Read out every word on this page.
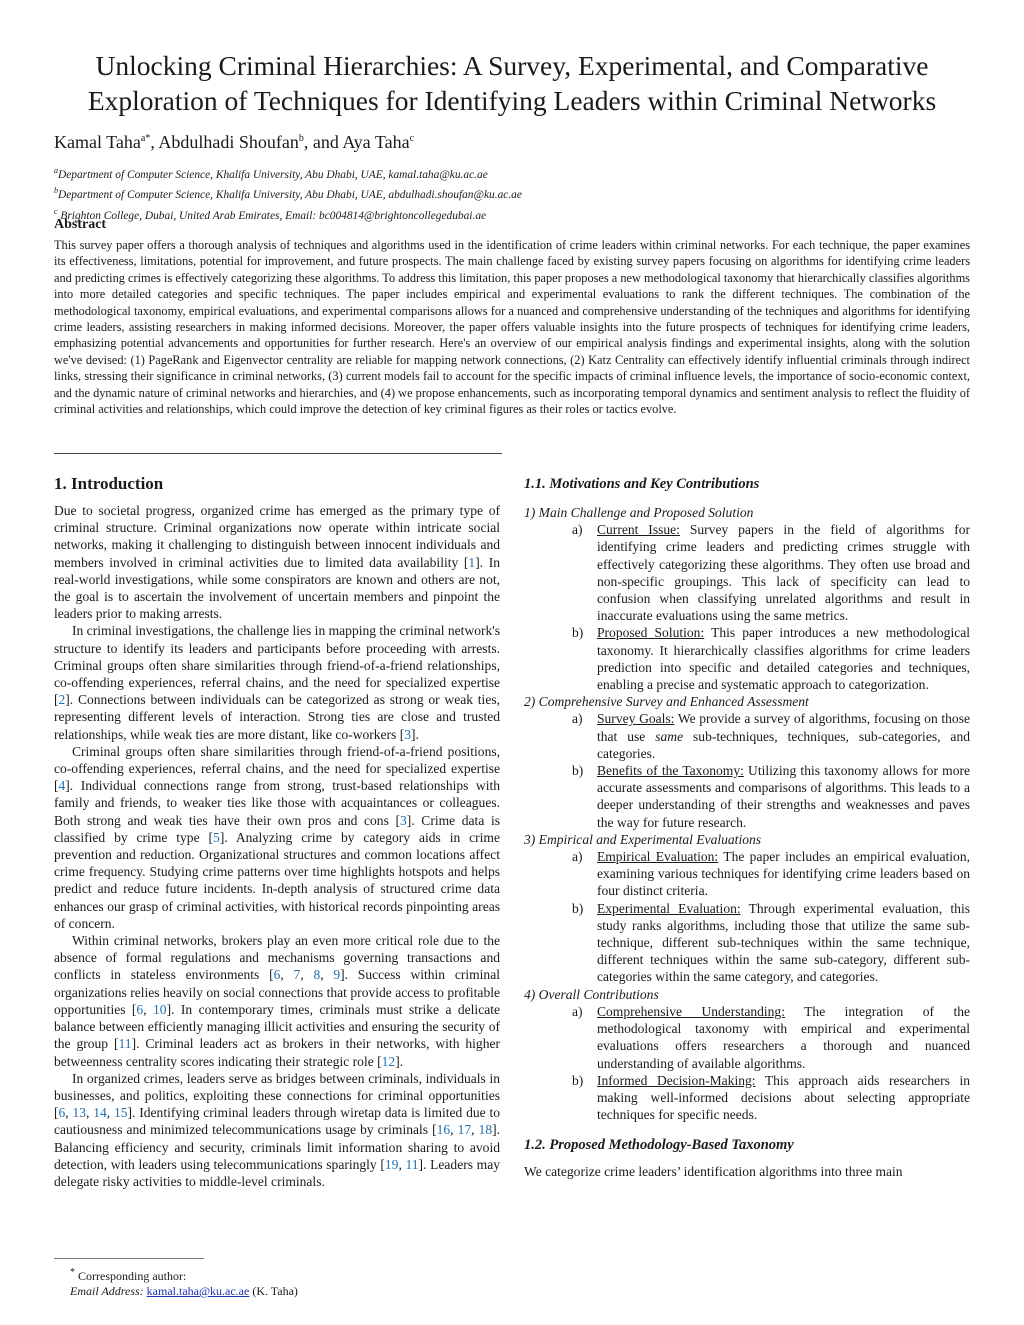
Unlocking Criminal Hierarchies: A Survey, Experimental, and Comparative
Exploration of Techniques for Identifying Leaders within Criminal Networks
Kamal Taha$^{a*}$, Abdulhadi Shoufan$^b$, and Aya Taha$^c$
$^a$Department of Computer Science, Khalifa University, Abu Dhabi, UAE, kamal.taha@ku.ac.ae
$^b$Department of Computer Science, Khalifa University, Abu Dhabi, UAE, abdulhadi.shoufan@ku.ac.ae
$^c$ Brighton College, Dubai, United Arab Emirates, Email: bc004814@brightoncollegedubai.ae
Abstract

This survey paper offers a thorough analysis of techniques and algorithms used in the identification of crime leaders within criminal networks. For each technique, the paper examines its effectiveness, limitations, potential for improvement, and future prospects. The main challenge faced by existing survey papers focusing on algorithms for identifying crime leaders and predicting crimes is effectively categorizing these algorithms. To address this limitation, this paper proposes a new methodological taxonomy that hierarchically classifies algorithms into more detailed categories and specific techniques. The paper includes empirical and experimental evaluations to rank the different techniques. The combination of the methodological taxonomy, empirical evaluations, and experimental comparisons allows for a nuanced and comprehensive understanding of the techniques and algorithms for identifying crime leaders, assisting researchers in making informed decisions. Moreover, the paper offers valuable insights into the future prospects of techniques for identifying crime leaders, emphasizing potential advancements and opportunities for further research. Here's an overview of our empirical analysis findings and experimental insights, along with the solution we've devised: (1) PageRank and Eigenvector centrality are reliable for mapping network connections, (2) Katz Centrality can effectively identify influential criminals through indirect links, stressing their significance in criminal networks, (3) current models fail to account for the specific impacts of criminal influence levels, the importance of socio-economic context, and the dynamic nature of criminal networks and hierarchies, and (4) we propose enhancements, such as incorporating temporal dynamics and sentiment analysis to reflect the fluidity of criminal activities and relationships, which could improve the detection of key criminal figures as their roles or tactics evolve.

1. Introduction

Due to societal progress, organized crime has emerged as the primary type of criminal structure. Criminal organizations now operate within intricate social networks, making it challenging to distinguish between innocent individuals and members involved in criminal activities due to limited data availability [1]. In real-world investigations, while some conspirators are known and others are not, the goal is to ascertain the involvement of uncertain members and pinpoint the leaders prior to making arrests.

In criminal investigations, the challenge lies in mapping the criminal network's structure to identify its leaders and participants before proceeding with arrests. Criminal groups often share similarities through friend-of-a-friend relationships, co-offending experiences, referral chains, and the need for specialized expertise [2]. Connections between individuals can be categorized as strong or weak ties, representing different levels of interaction. Strong ties are close and trusted relationships, while weak ties are more distant, like co-workers [3].

Criminal groups often share similarities through friend-of-a-friend positions, co-offending experiences, referral chains, and the need for specialized expertise [4]. Individual connections range from strong, trust-based relationships with family and friends, to weaker ties like those with acquaintances or colleagues. Both strong and weak ties have their own pros and cons [3]. Crime data is classified by crime type [5]. Analyzing crime by category aids in crime prevention and reduction. Organizational structures and common locations affect crime frequency. Studying crime patterns over time highlights hotspots and helps predict and reduce future incidents. In-depth analysis of structured crime data enhances our grasp of criminal activities, with historical records pinpointing areas of concern.

Within criminal networks, brokers play an even more critical role due to the absence of formal regulations and mechanisms governing transactions and conflicts in stateless environments [6, 7, 8, 9]. Success within criminal organizations relies heavily on social connections that provide access to profitable opportunities [6, 10]. In contemporary times, criminals must strike a delicate balance between efficiently managing illicit activities and ensuring the security of the group [11]. Criminal leaders act as brokers in their networks, with higher betweenness centrality scores indicating their strategic role [12].

In organized crimes, leaders serve as bridges between criminals, individuals in businesses, and politics, exploiting these connections for criminal opportunities [6, 13, 14, 15]. Identifying criminal leaders through wiretap data is limited due to cautiousness and minimized telecommunications usage by criminals [16, 17, 18]. Balancing efficiency and security, criminals limit information sharing to avoid detection, with leaders using telecommunications sparingly [19, 11]. Leaders may delegate risky activities to middle-level criminals.

1.1. Motivations and Key Contributions

1) Main Challenge and Proposed Solution

a) Current Issue: Survey papers in the field of algorithms for identifying crime leaders and predicting crimes struggle with effectively categorizing these algorithms. They often use broad and non-specific groupings. This lack of specificity can lead to confusion when classifying unrelated algorithms and result in inaccurate evaluations using the same metrics.
b) Proposed Solution: This paper introduces a new methodological taxonomy. It hierarchically classifies algorithms for crime leaders prediction into specific and detailed categories and techniques, enabling a precise and systematic approach to categorization.

2) Comprehensive Survey and Enhanced Assessment

a) Survey Goals: We provide a survey of algorithms, focusing on those that use same sub-techniques, techniques, sub-categories, and categories.
b) Benefits of the Taxonomy: Utilizing this taxonomy allows for more accurate assessments and comparisons of algorithms. This leads to a deeper understanding of their strengths and weaknesses and paves the way for future research.

3) Empirical and Experimental Evaluations

a) Empirical Evaluation: The paper includes an empirical evaluation, examining various techniques for identifying crime leaders based on four distinct criteria.
b) Experimental Evaluation: Through experimental evaluation, this study ranks algorithms, including those that utilize the same sub-technique, different sub-techniques within the same technique, different techniques within the same sub-category, different sub-categories within the same category, and categories.

4) Overall Contributions

a) Comprehensive Understanding: The integration of the methodological taxonomy with empirical and experimental evaluations offers researchers a thorough and nuanced understanding of available algorithms.
b) Informed Decision-Making: This approach aids researchers in making well-informed decisions about selecting appropriate techniques for specific needs.
1.2. Proposed Methodology-Based Taxonomy

We categorize crime leaders’ identification algorithms into three main

* Corresponding author:
Email Address: kamal.taha@ku.ac.ae (K. Taha)
